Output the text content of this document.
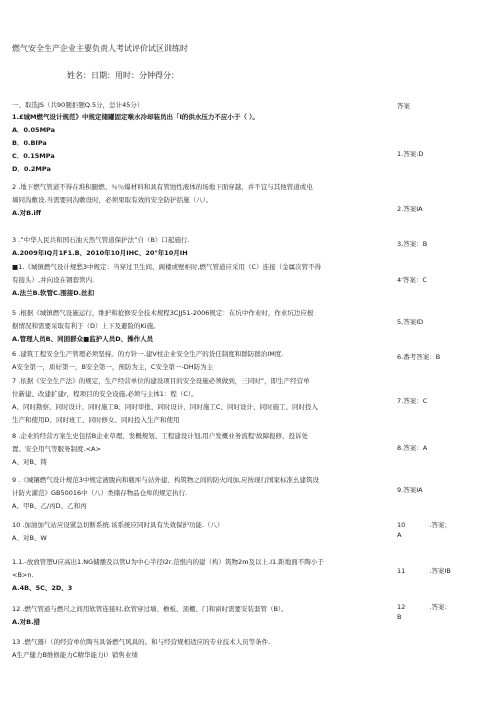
燃气安全生产企业主要负责人考试评价试区训练时
姓名：日期：用时：分钟得分：
一、取选JS（共90题拒题Q.5分，总计45分）	答案
1.£城M燃气设计规范》中规定储罐固定喉水冷却装员出「I的供水压力不应小于（ ）。
A．0.05MPa
B．0.BIPa
C．0.15MPa
D．0.2MPa
2 .地下燃气管道不得在堆积腿燃、％％爆材料和具有管蚀性液体的场地下面穿越，并不宜与其他管道或电
墙同沟敷设.当需要同沟敷设时，必须果取有效的安全防护括施（八）。
A.对B.iff
3 .”中华人民共和国石油天然气管道保护法”自（B）口起施行.
A.2009年IQ月1F1.B、2010年10月IHC、20"年10月IH
■1.《城镇燃气设计规愁3中规定：当穿过卫生间、阁楼或壁柜时,燃气管道应采用（C）连接（金属次管不得
有接头）,并向设在钢套管内.
A.法兰B.软管C.围接D.丝扣
5 .根据《城镇燃气设施运行、维护和抢修安全技术规程3CJJ51-2006规定：在坑中作业时，作业坑边应根
据情况和需要采取有利于（D）上下及避险的Ki施。
A.管理人员B、同困群众■监护人员D、操作人员
6 .建筑工程安全生产管理必须坚持。的方针一.建V柱企业安全生产的货任制度和群防群治IM度.
A安全第一，质好第一，B安全第一，预防为主，C安全第一-DH防为主
7 .依据《安全生产法》的规定，生产经营单位的建设项目的安全设施必须做到，三同时”，即生产经营单
位新建、改建扩建r，程项目的安全设施,必须与主体1：程（C）。
A、同时勘察、同时设计、同时施工B、同时审批、同时设计、同时施工C、同时设计、同时施工、同时投入
生产和使用D、同时班工、同时修女、同时投入生产和使用
8 .企业的经营方案生史包括B企业草理、发概规划、工程建设计划,用户发概业务流程'故障报修、投诉处
置、安全用气等服务制度.<A>
A、对B、铸
9 .《城镶燃气设计规范3中规定液腹向和瓶库与站外建、构筑物之间的防火间加,应按现行国家标准幺建筑设
计防火濯范》GB50016中（八）类储存物品仓库的规定执行.
A、甲B、乙/丙D、乙和丙
10 .加油加气站应设紧急切断系统.该系统应同时具有失效保护功能.（八）
A、对B、W
1.1.-放放管塑U应高出1.NG储播及以管U为中心半径I2r.范恨内的建（构）筑物2m及以上.I1.距地面不陶小于
<B>n.
A.4B、5C、2D、3
12 .燃气管道与燃尺之间用软管连接时,软管穿过墙、檐板、顶棚、门和窗时需要安装套管（B）。
A.对B.措
13 .燃气器）（的经营单位陶当具备燃气风具的。和与经营规相适应的专业技术人员等条件.
A生产健力B维修能力C精华能力I）销售业绩
1.答案:D
2.答案IA
3,答案：B
4'答案：C
5,答案ID
6.番考答案：B
7.答案：C
8.答案：A
9.答案IA
10	.答案；
A
11	.答案IB
12	.答案：
B
